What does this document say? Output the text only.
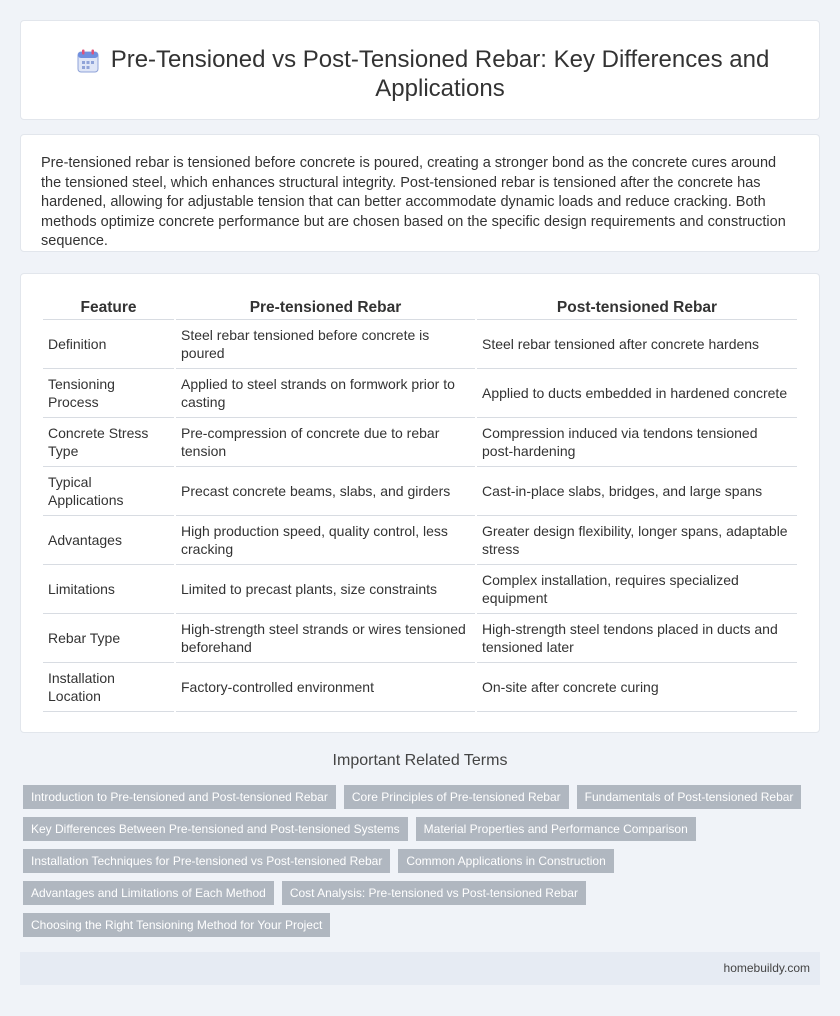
Pre-Tensioned vs Post-Tensioned Rebar: Key Differences and Applications

Pre-tensioned rebar is tensioned before concrete is poured, creating a stronger bond as the concrete cures around the tensioned steel, which enhances structural integrity. Post-tensioned rebar is tensioned after the concrete has hardened, allowing for adjustable tension that can better accommodate dynamic loads and reduce cracking. Both methods optimize concrete performance but are chosen based on the specific design requirements and construction sequence.

Feature	Pre-tensioned Rebar	Post-tensioned Rebar
Definition	Steel rebar tensioned before concrete is poured	Steel rebar tensioned after concrete hardens
Tensioning Process	Applied to steel strands on formwork prior to casting	Applied to ducts embedded in hardened concrete
Concrete Stress Type	Pre-compression of concrete due to rebar tension	Compression induced via tendons tensioned post-hardening
Typical Applications	Precast concrete beams, slabs, and girders	Cast-in-place slabs, bridges, and large spans
Advantages	High production speed, quality control, less cracking	Greater design flexibility, longer spans, adaptable stress
Limitations	Limited to precast plants, size constraints	Complex installation, requires specialized equipment
Rebar Type	High-strength steel strands or wires tensioned beforehand	High-strength steel tendons placed in ducts and tensioned later
Installation Location	Factory-controlled environment	On-site after concrete curing
Important Related Terms
Introduction to Pre-tensioned and Post-tensioned Rebar	Core Principles of Pre-tensioned Rebar	Fundamentals of Post-tensioned Rebar
Key Differences Between Pre-tensioned and Post-tensioned Systems	Material Properties and Performance Comparison
Installation Techniques for Pre-tensioned vs Post-tensioned Rebar	Common Applications in Construction
Advantages and Limitations of Each Method	Cost Analysis: Pre-tensioned vs Post-tensioned Rebar
Choosing the Right Tensioning Method for Your Project
homebuildy.com
